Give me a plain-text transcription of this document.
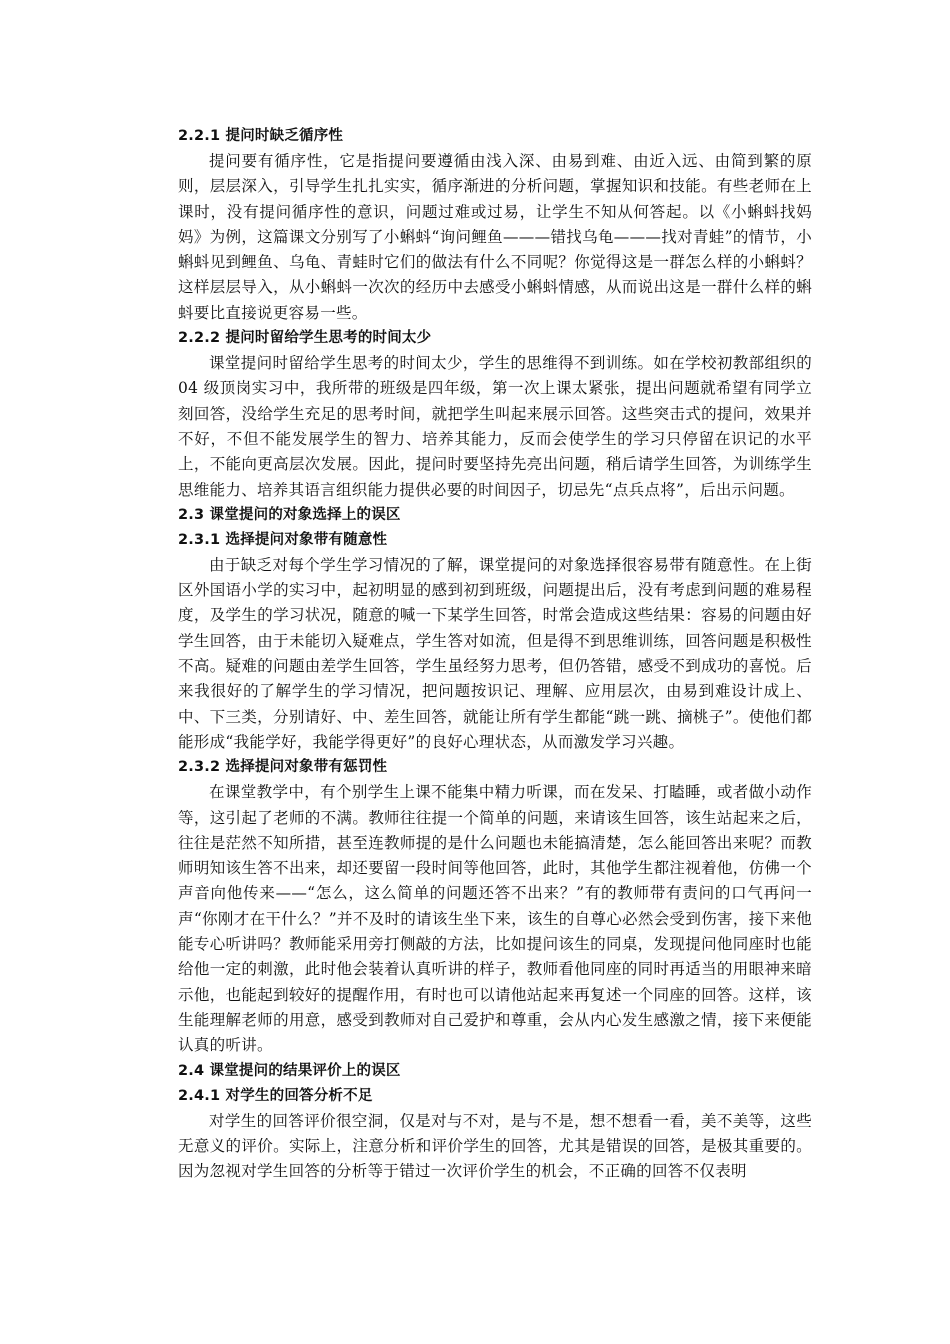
2.2.1 提问时缺乏循序性

提问要有循序性，它是指提问要遵循由浅入深、由易到难、由近入远、由简到繁的原则，层层深入，引导学生扎扎实实，循序渐进的分析问题，掌握知识和技能。有些老师在上课时，没有提问循序性的意识，问题过难或过易，让学生不知从何答起。以《小蝌蚪找妈妈》为例，这篇课文分别写了小蝌蚪“询问鲤鱼———错找乌龟———找对青蛙”的情节，小蝌蚪见到鲤鱼、乌龟、青蛙时它们的做法有什么不同呢？你觉得这是一群怎么样的小蝌蚪？这样层层导入，从小蝌蚪一次次的经历中去感受小蝌蚪情感，从而说出这是一群什么样的蝌蚪要比直接说更容易一些。

2.2.2 提问时留给学生思考的时间太少

课堂提问时留给学生思考的时间太少，学生的思维得不到训练。如在学校初教部组织的 04 级顶岗实习中，我所带的班级是四年级，第一次上课太紧张，提出问题就希望有同学立刻回答，没给学生充足的思考时间，就把学生叫起来展示回答。这些突击式的提问，效果并不好，不但不能发展学生的智力、培养其能力，反而会使学生的学习只停留在识记的水平上，不能向更高层次发展。因此，提问时要坚持先亮出问题，稍后请学生回答，为训练学生思维能力、培养其语言组织能力提供必要的时间因子，切忌先“点兵点将”，后出示问题。

2.3 课堂提问的对象选择上的误区
2.3.1 选择提问对象带有随意性

由于缺乏对每个学生学习情况的了解，课堂提问的对象选择很容易带有随意性。在上街区外国语小学的实习中，起初明显的感到初到班级，问题提出后，没有考虑到问题的难易程度，及学生的学习状况，随意的喊一下某学生回答，时常会造成这些结果：容易的问题由好学生回答，由于未能切入疑难点，学生答对如流，但是得不到思维训练，回答问题是积极性不高。疑难的问题由差学生回答，学生虽经努力思考，但仍答错，感受不到成功的喜悦。后来我很好的了解学生的学习情况，把问题按识记、理解、应用层次，由易到难设计成上、中、下三类，分别请好、中、差生回答，就能让所有学生都能“跳一跳、摘桃子”。使他们都能形成“我能学好，我能学得更好”的良好心理状态，从而激发学习兴趣。

2.3.2 选择提问对象带有惩罚性

在课堂教学中，有个别学生上课不能集中精力听课，而在发呆、打瞌睡，或者做小动作等，这引起了老师的不满。教师往往提一个简单的问题，来请该生回答，该生站起来之后，往往是茫然不知所措，甚至连教师提的是什么问题也未能搞清楚，怎么能回答出来呢？而教师明知该生答不出来，却还要留一段时间等他回答，此时，其他学生都注视着他，仿佛一个声音向他传来——“怎么，这么简单的问题还答不出来？”有的教师带有责问的口气再问一声“你刚才在干什么？”并不及时的请该生坐下来，该生的自尊心必然会受到伤害，接下来他能专心听讲吗？教师能采用旁打侧敲的方法，比如提问该生的同桌，发现提问他同座时也能给他一定的刺激，此时他会装着认真听讲的样子，教师看他同座的同时再适当的用眼神来暗示他，也能起到较好的提醒作用，有时也可以请他站起来再复述一个同座的回答。这样，该生能理解老师的用意，感受到教师对自己爱护和尊重，会从内心发生感激之情，接下来便能认真的听讲。

2.4 课堂提问的结果评价上的误区
2.4.1 对学生的回答分析不足

对学生的回答评价很空洞，仅是对与不对，是与不是，想不想看一看，美不美等，这些无意义的评价。实际上，注意分析和评价学生的回答，尤其是错误的回答，是极其重要的。因为忽视对学生回答的分析等于错过一次评价学生的机会，不正确的回答不仅表明
